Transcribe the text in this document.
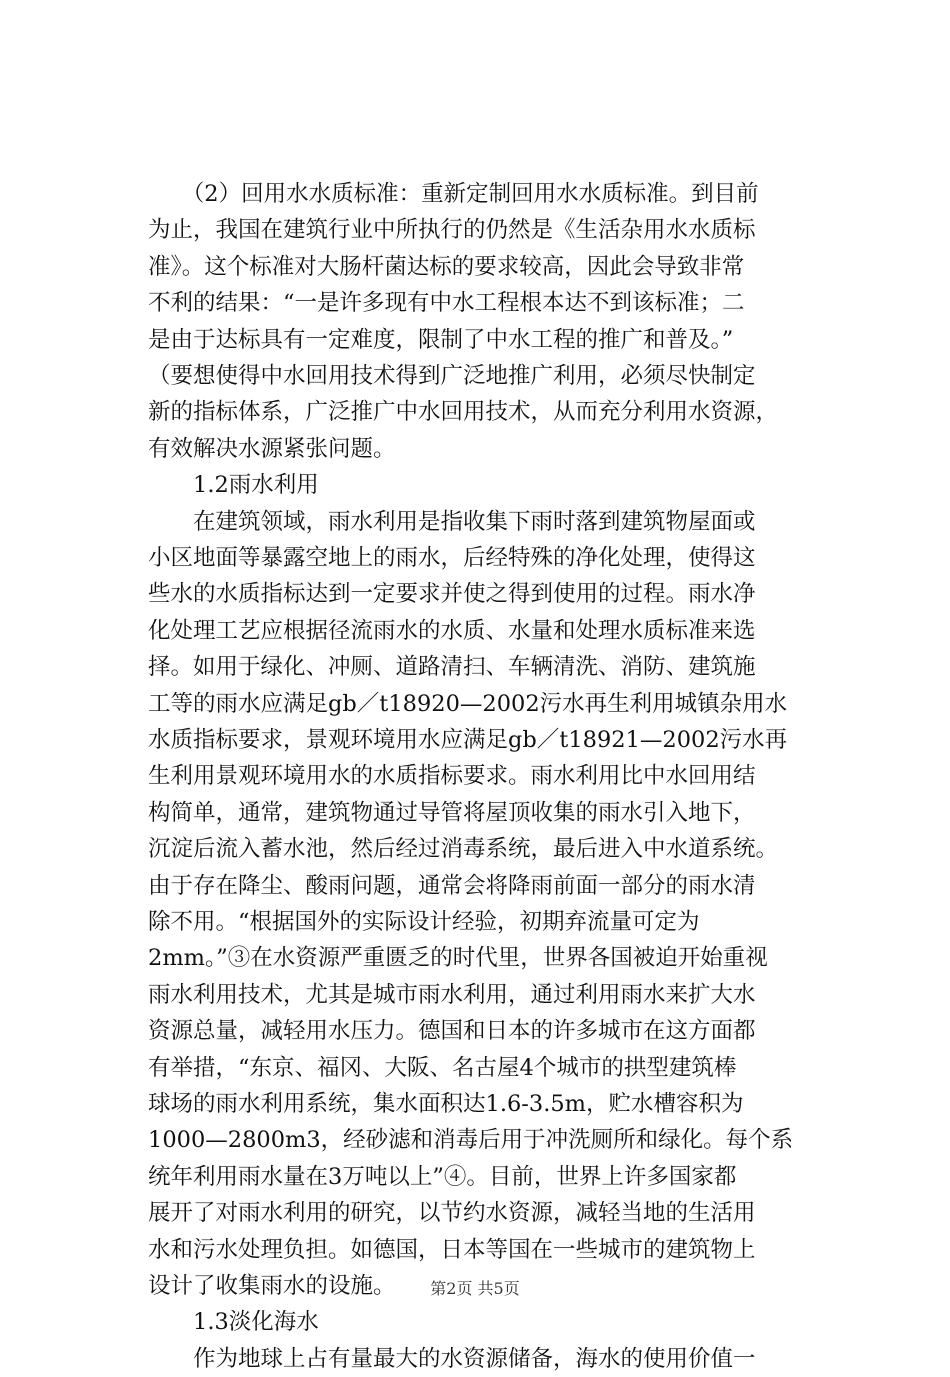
　　（2）回用水水质标准：重新定制回用水水质标准。到目前
为止，我国在建筑行业中所执行的仍然是《生活杂用水水质标
准》。这个标准对大肠杆菌达标的要求较高，因此会导致非常
不利的结果：“一是许多现有中水工程根本达不到该标准；二
是由于达标具有一定难度，限制了中水工程的推广和普及。”
（要想使得中水回用技术得到广泛地推广利用，必须尽快制定
新的指标体系，广泛推广中水回用技术，从而充分利用水资源，
有效解决水源紧张问题。
　　1.2雨水利用
　　在建筑领域，雨水利用是指收集下雨时落到建筑物屋面或
小区地面等暴露空地上的雨水，后经特殊的净化处理，使得这
些水的水质指标达到一定要求并使之得到使用的过程。雨水净
化处理工艺应根据径流雨水的水质、水量和处理水质标准来选
择。如用于绿化、冲厕、道路清扫、车辆清洗、消防、建筑施
工等的雨水应满足gb／t18920—2002污水再生利用城镇杂用水
水质指标要求，景观环境用水应满足gb／t18921—2002污水再
生利用景观环境用水的水质指标要求。雨水利用比中水回用结
构简单，通常，建筑物通过导管将屋顶收集的雨水引入地下，
沉淀后流入蓄水池，然后经过消毒系统，最后进入中水道系统。
由于存在降尘、酸雨问题，通常会将降雨前面一部分的雨水清
除不用。“根据国外的实际设计经验，初期弃流量可定为
2mm。”③在水资源严重匮乏的时代里，世界各国被迫开始重视
雨水利用技术，尤其是城市雨水利用，通过利用雨水来扩大水
资源总量，减轻用水压力。德国和日本的许多城市在这方面都
有举措，“东京、福冈、大阪、名古屋4个城市的拱型建筑棒
球场的雨水利用系统，集水面积达1.6-3.5m，贮水槽容积为
1000—2800m3，经砂滤和消毒后用于冲洗厕所和绿化。每个系
统年利用雨水量在3万吨以上”④。目前，世界上许多国家都
展开了对雨水利用的研究，以节约水资源，减轻当地的生活用
水和污水处理负担。如德国，日本等国在一些城市的建筑物上
设计了收集雨水的设施。
　　1.3淡化海水
　　作为地球上占有量最大的水资源储备，海水的使用价值一
第2页 共5页
